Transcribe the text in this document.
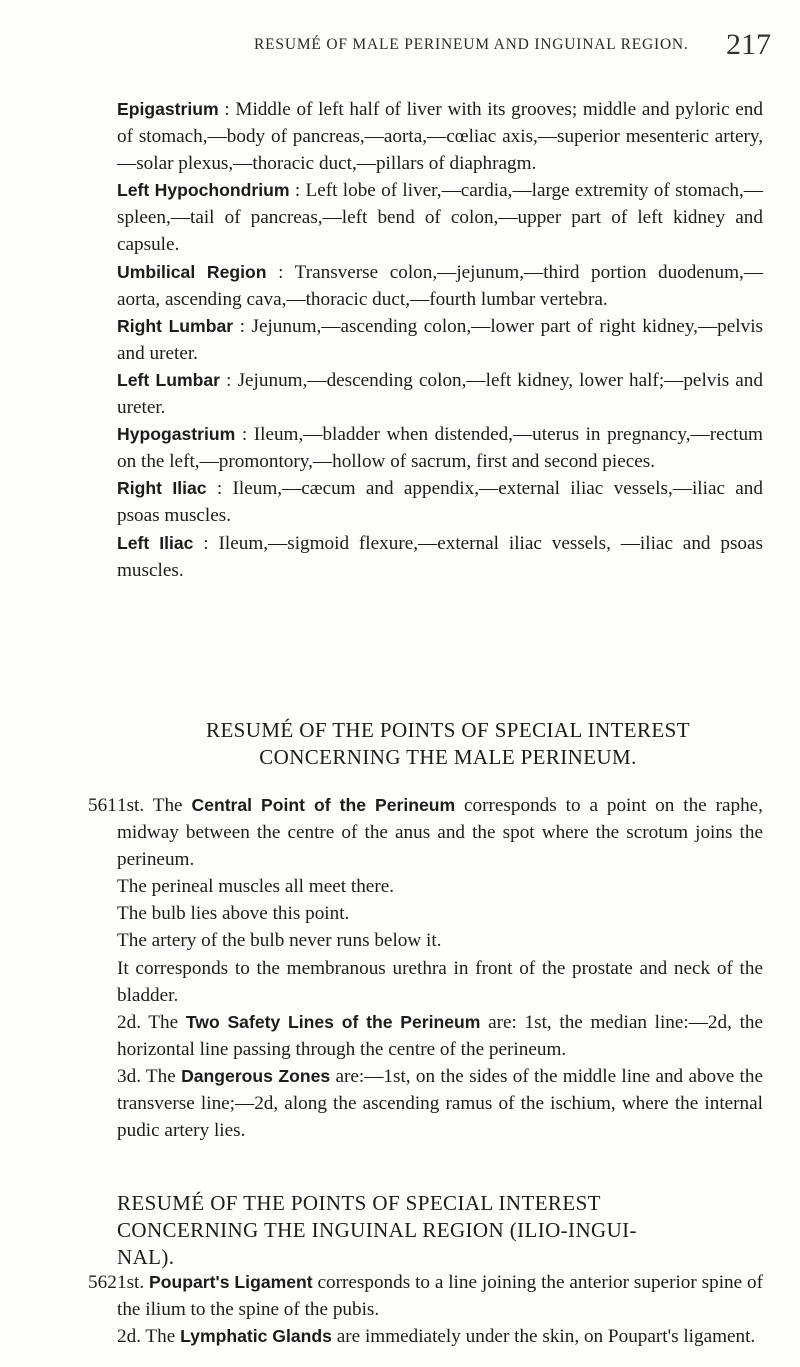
RESUMÉ OF MALE PERINEUM AND INGUINAL REGION. 217

Epigastrium : Middle of left half of liver with its grooves; middle and pyloric end of stomach,—body of pancreas,—aorta,—cœliac axis,—superior mesenteric artery,—solar plexus,—thoracic duct,—pillars of diaphragm.

Left Hypochondrium : Left lobe of liver,—cardia,—large extremity of stomach,—spleen,—tail of pancreas,—left bend of colon,—upper part of left kidney and capsule.

Umbilical Region : Transverse colon,—jejunum,—third portion duodenum,—aorta, ascending cava,—thoracic duct,—fourth lumbar vertebra.

Right Lumbar : Jejunum,—ascending colon,—lower part of right kidney,—pelvis and ureter.

Left Lumbar : Jejunum,—descending colon,—left kidney, lower half;—pelvis and ureter.

Hypogastrium : Ileum,—bladder when distended,—uterus in pregnancy,—rectum on the left,—promontory,—hollow of sacrum, first and second pieces.

Right Iliac : Ileum,—cæcum and appendix,—external iliac vessels,—iliac and psoas muscles.

Left Iliac : Ileum,—sigmoid flexure,—external iliac vessels, —iliac and psoas muscles.

RESUMÉ OF THE POINTS OF SPECIAL INTEREST

CONCERNING THE MALE PERINEUM.

561 1st. The Central Point of the Perineum corresponds to a point on the raphe, midway between the centre of the anus and the spot where the scrotum joins the perineum.

The perineal muscles all meet there.

The bulb lies above this point.

The artery of the bulb never runs below it.

It corresponds to the membranous urethra in front of the prostate and neck of the bladder.

2d. The Two Safety Lines of the Perineum are: 1st, the median line:—2d, the horizontal line passing through the centre of the perineum.

3d. The Dangerous Zones are:—1st, on the sides of the middle line and above the transverse line;—2d, along the ascending ramus of the ischium, where the internal pudic artery lies.

RESUMÉ OF THE POINTS OF SPECIAL INTEREST

CONCERNING THE INGUINAL REGION (ILIO-INGUI-

NAL).

562 1st. Poupart's Ligament corresponds to a line joining the anterior superior spine of the ilium to the spine of the pubis.

2d. The Lymphatic Glands are immediately under the skin, on Poupart's ligament.
